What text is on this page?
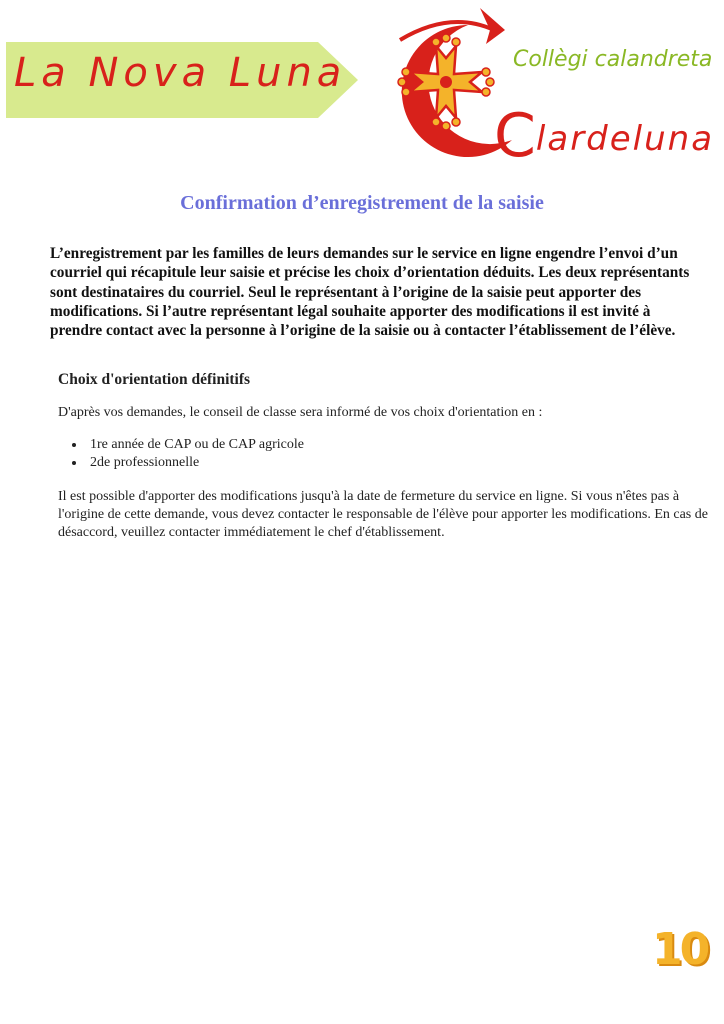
La Nova Luna	Collègi calandreta
Clardeluna
Confirmation d’enregistrement de la saisie

L’enregistrement par les familles de leurs demandes sur le service en ligne engendre l’envoi d’un courriel qui récapitule leur saisie et précise les choix d’orientation déduits. Les deux représentants sont destinataires du courriel. Seul le représentant à l’origine de la saisie peut apporter des modifications. Si l’autre représentant légal souhaite apporter des modifications il est invité à prendre contact avec la personne à l’origine de la saisie ou à contacter l’établissement de l’élève.

Choix d'orientation définitifs

D'après vos demandes, le conseil de classe sera informé de vos choix d'orientation en :

• 1re année de CAP ou de CAP agricole
• 2de professionnelle

Il est possible d'apporter des modifications jusqu'à la date de fermeture du service en ligne. Si vous n'êtes pas à l'origine de cette demande, vous devez contacter le responsable de l'élève pour apporter les modifications. En cas de désaccord, veuillez contacter immédiatement le chef d'établissement.

10
